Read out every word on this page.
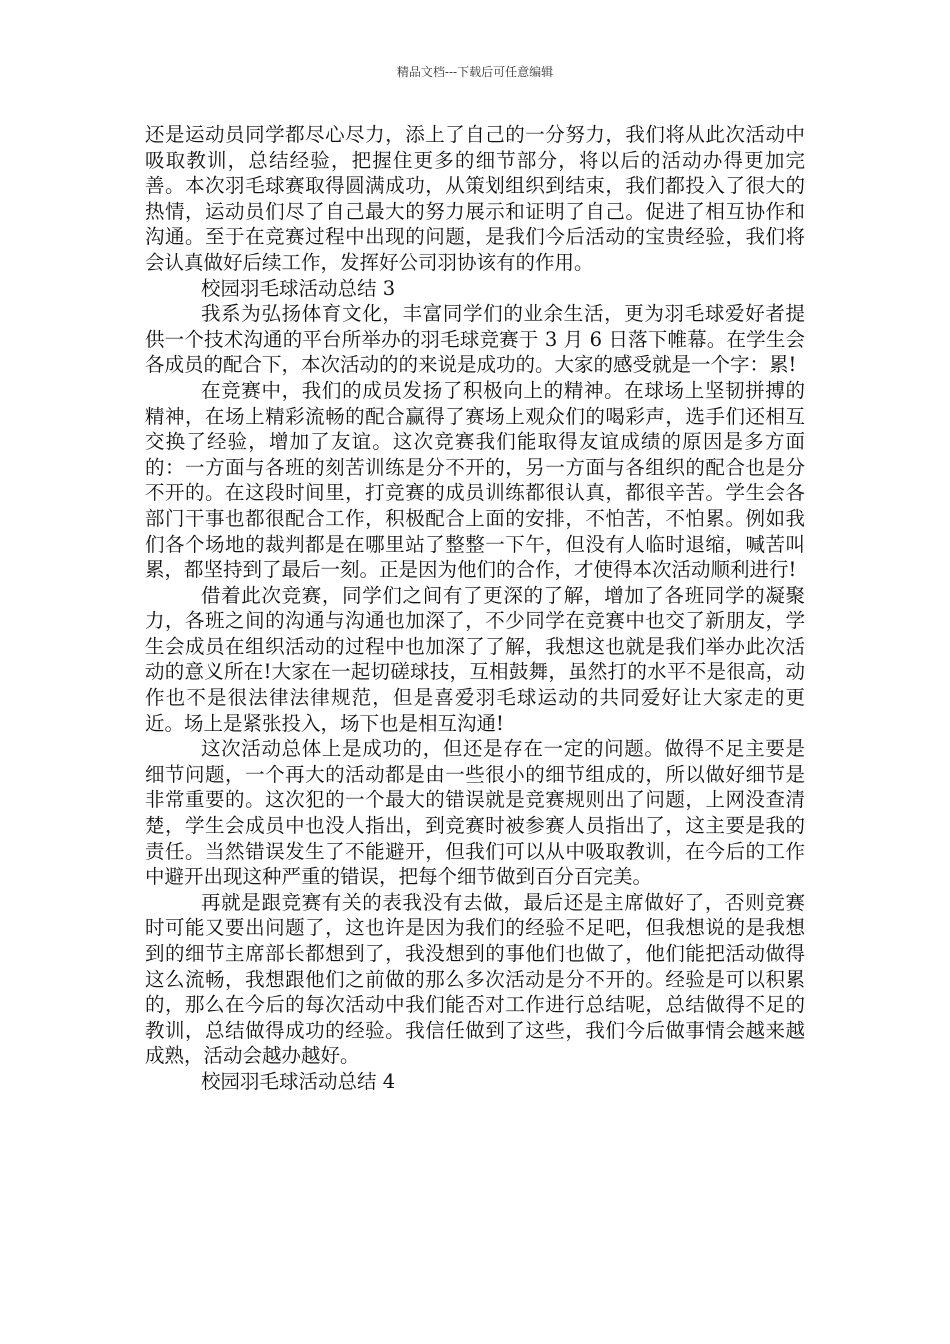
精品文档---下载后可任意编辑

还是运动员同学都尽心尽力，添上了自己的一分努力，我们将从此次活动中吸取教训，总结经验，把握住更多的细节部分，将以后的活动办得更加完善。本次羽毛球赛取得圆满成功，从策划组织到结束，我们都投入了很大的热情，运动员们尽了自己最大的努力展示和证明了自己。促进了相互协作和沟通。至于在竞赛过程中出现的问题，是我们今后活动的宝贵经验，我们将会认真做好后续工作，发挥好公司羽协该有的作用。

校园羽毛球活动总结 3

我系为弘扬体育文化，丰富同学们的业余生活，更为羽毛球爱好者提供一个技术沟通的平台所举办的羽毛球竞赛于 3 月 6 日落下帷幕。在学生会各成员的配合下，本次活动的的来说是成功的。大家的感受就是一个字：累!

在竞赛中，我们的成员发扬了积极向上的精神。在球场上坚韧拼搏的精神，在场上精彩流畅的配合赢得了赛场上观众们的喝彩声，选手们还相互交换了经验，增加了友谊。这次竞赛我们能取得友谊成绩的原因是多方面的：一方面与各班的刻苦训练是分不开的，另一方面与各组织的配合也是分不开的。在这段时间里，打竞赛的成员训练都很认真，都很辛苦。学生会各部门干事也都很配合工作，积极配合上面的安排，不怕苦，不怕累。例如我们各个场地的裁判都是在哪里站了整整一下午，但没有人临时退缩，喊苦叫累，都坚持到了最后一刻。正是因为他们的合作，才使得本次活动顺利进行!

借着此次竞赛，同学们之间有了更深的了解，增加了各班同学的凝聚力，各班之间的沟通与沟通也加深了，不少同学在竞赛中也交了新朋友，学生会成员在组织活动的过程中也加深了了解，我想这也就是我们举办此次活动的意义所在!大家在一起切磋球技，互相鼓舞，虽然打的水平不是很高，动作也不是很法律法律规范，但是喜爱羽毛球运动的共同爱好让大家走的更近。场上是紧张投入，场下也是相互沟通!

这次活动总体上是成功的，但还是存在一定的问题。做得不足主要是细节问题，一个再大的活动都是由一些很小的细节组成的，所以做好细节是非常重要的。这次犯的一个最大的错误就是竞赛规则出了问题，上网没查清楚，学生会成员中也没人指出，到竞赛时被参赛人员指出了，这主要是我的责任。当然错误发生了不能避开，但我们可以从中吸取教训，在今后的工作中避开出现这种严重的错误，把每个细节做到百分百完美。

再就是跟竞赛有关的表我没有去做，最后还是主席做好了，否则竞赛时可能又要出问题了，这也许是因为我们的经验不足吧，但我想说的是我想到的细节主席部长都想到了，我没想到的事他们也做了，他们能把活动做得这么流畅，我想跟他们之前做的那么多次活动是分不开的。经验是可以积累的，那么在今后的每次活动中我们能否对工作进行总结呢，总结做得不足的教训，总结做得成功的经验。我信任做到了这些，我们今后做事情会越来越成熟，活动会越办越好。

校园羽毛球活动总结 4
